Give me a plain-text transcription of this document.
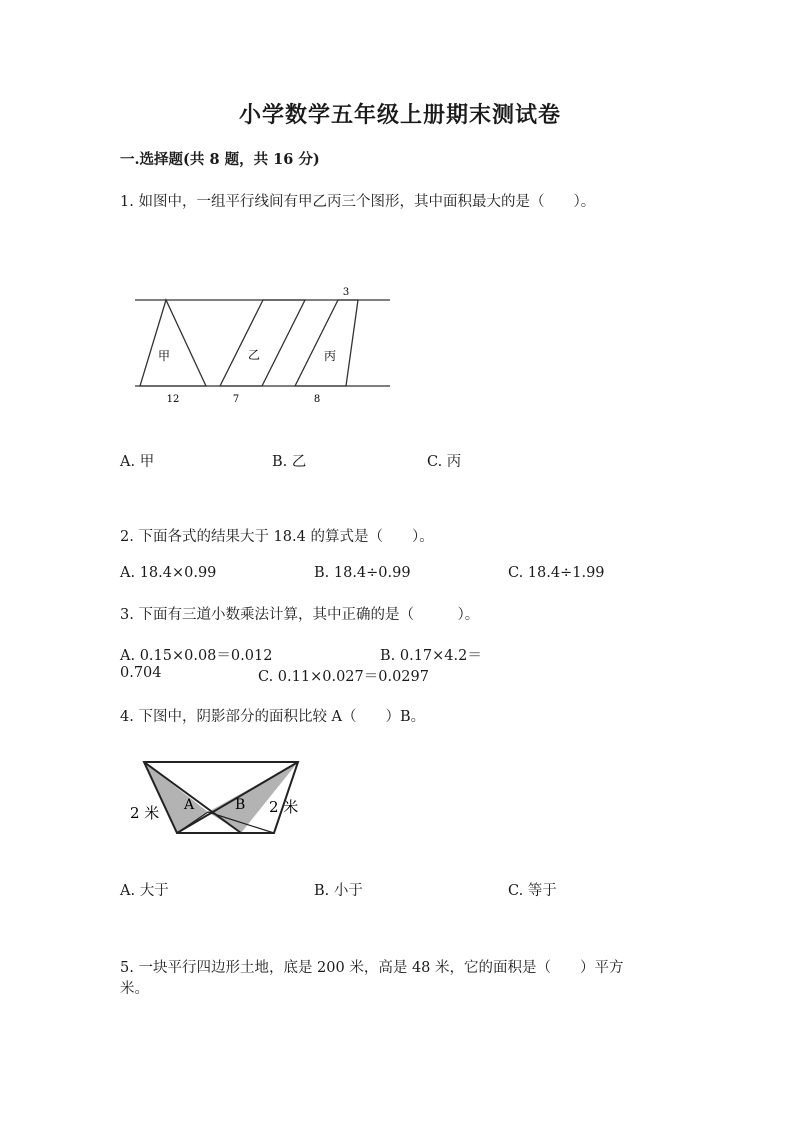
小学数学五年级上册期末测试卷
一.选择题(共 8 题，共 16 分)
1. 如图中，一组平行线间有甲乙丙三个图形，其中面积最大的是（　　）。
甲	乙	丙
3
12	7	8
A. 甲	B. 乙	C. 丙
2. 下面各式的结果大于 18.4 的算式是（　　）。
A. 18.4×0.99	B. 18.4÷0.99	C. 18.4÷1.99
3. 下面有三道小数乘法计算，其中正确的是（　　　）。
A. 0.15×0.08＝0.012	B. 0.17×4.2＝
0.704	C. 0.11×0.027＝0.0297
4. 下图中，阴影部分的面积比较 A（　　）B。
A	B
2 米	2 米
A. 大于	B. 小于	C. 等于
5. 一块平行四边形土地，底是 200 米，高是 48 米，它的面积是（　　）平方
米。
